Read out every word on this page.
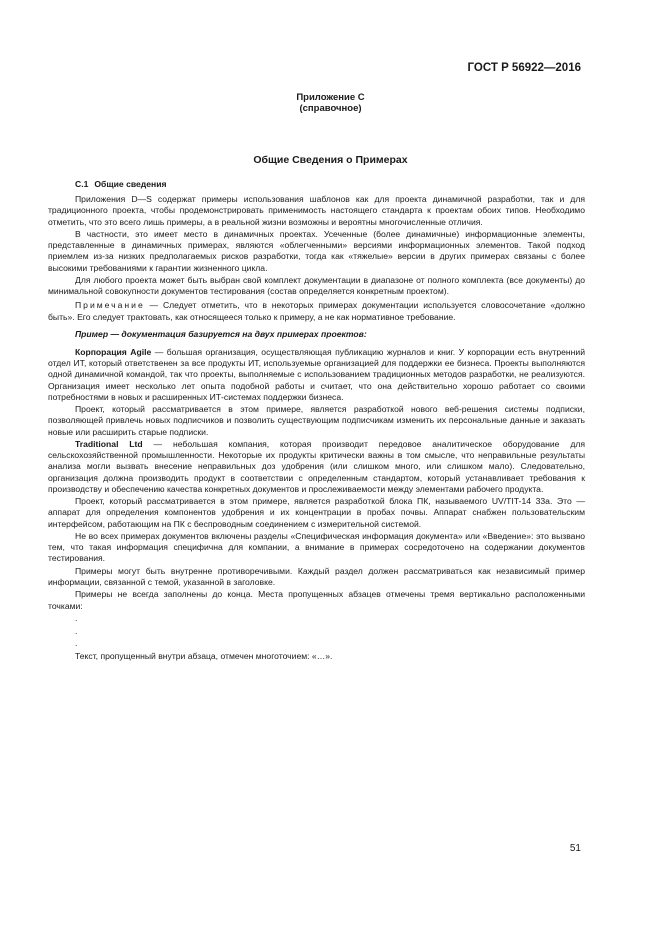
ГОСТ Р 56922—2016
Приложение С
(справочное)
Общие Сведения о Примерах

С.1 Общие сведения

Приложения D—S содержат примеры использования шаблонов как для проекта динамичной разработки, так и для традиционного проекта, чтобы продемонстрировать применимость настоящего стандарта к проектам обоих типов. Необходимо отметить, что это всего лишь примеры, а в реальной жизни возможны и вероятны многочисленные отличия.

В частности, это имеет место в динамичных проектах. Усеченные (более динамичные) информационные элементы, представленные в динамичных примерах, являются «облегченными» версиями информационных элементов. Такой подход приемлем из-за низких предполагаемых рисков разработки, тогда как «тяжелые» версии в других примерах связаны с более высокими требованиями к гарантии жизненного цикла.

Для любого проекта может быть выбран свой комплект документации в диапазоне от полного комплекта (все документы) до минимальной совокупности документов тестирования (состав определяется конкретным проектом).

Примечание — Следует отметить, что в некоторых примерах документации используется словосочетание «должно быть». Его следует трактовать, как относящееся только к примеру, а не как нормативное требование.

Пример — документация базируется на двух примерах проектов:

Корпорация Agile — большая организация, осуществляющая публикацию журналов и книг. У корпорации есть внутренний отдел ИТ, который ответственен за все продукты ИТ, используемые организацией для поддержки ее бизнеса. Проекты выполняются одной динамичной командой, так что проекты, выполняемые с использованием традиционных методов разработки, не реализуются. Организация имеет несколько лет опыта подобной работы и считает, что она действительно хорошо работает со своими потребностями в новых и расширенных ИТ-системах поддержки бизнеса.

Проект, который рассматривается в этом примере, является разработкой нового веб-решения системы подписки, позволяющей привлечь новых подписчиков и позволить существующим подписчикам изменить их персональные данные и заказать новые или расширить старые подписки.

Traditional Ltd — небольшая компания, которая производит передовое аналитическое оборудование для сельскохозяйственной промышленности. Некоторые их продукты критически важны в том смысле, что неправильные результаты анализа могли вызвать внесение неправильных доз удобрения (или слишком много, или слишком мало). Следовательно, организация должна производить продукт в соответствии с определенным стандартом, который устанавливает требования к производству и обеспечению качества конкретных документов и прослеживаемости между элементами рабочего продукта.

Проект, который рассматривается в этом примере, является разработкой блока ПК, называемого UV/TIT-14 33a. Это — аппарат для определения компонентов удобрения и их концентрации в пробах почвы. Аппарат снабжен пользовательским интерфейсом, работающим на ПК с беспроводным соединением с измерительной системой.

Не во всех примерах документов включены разделы «Специфическая информация документа» или «Введение»: это вызвано тем, что такая информация специфична для компании, а внимание в примерах сосредоточено на содержании документов тестирования.

Примеры могут быть внутренне противоречивыми. Каждый раздел должен рассматриваться как независимый пример информации, связанной с темой, указанной в заголовке.

Примеры не всегда заполнены до конца. Места пропущенных абзацев отмечены тремя вертикально расположенными точками:

.

.

.

Текст, пропущенный внутри абзаца, отмечен многоточием: «…».

51
